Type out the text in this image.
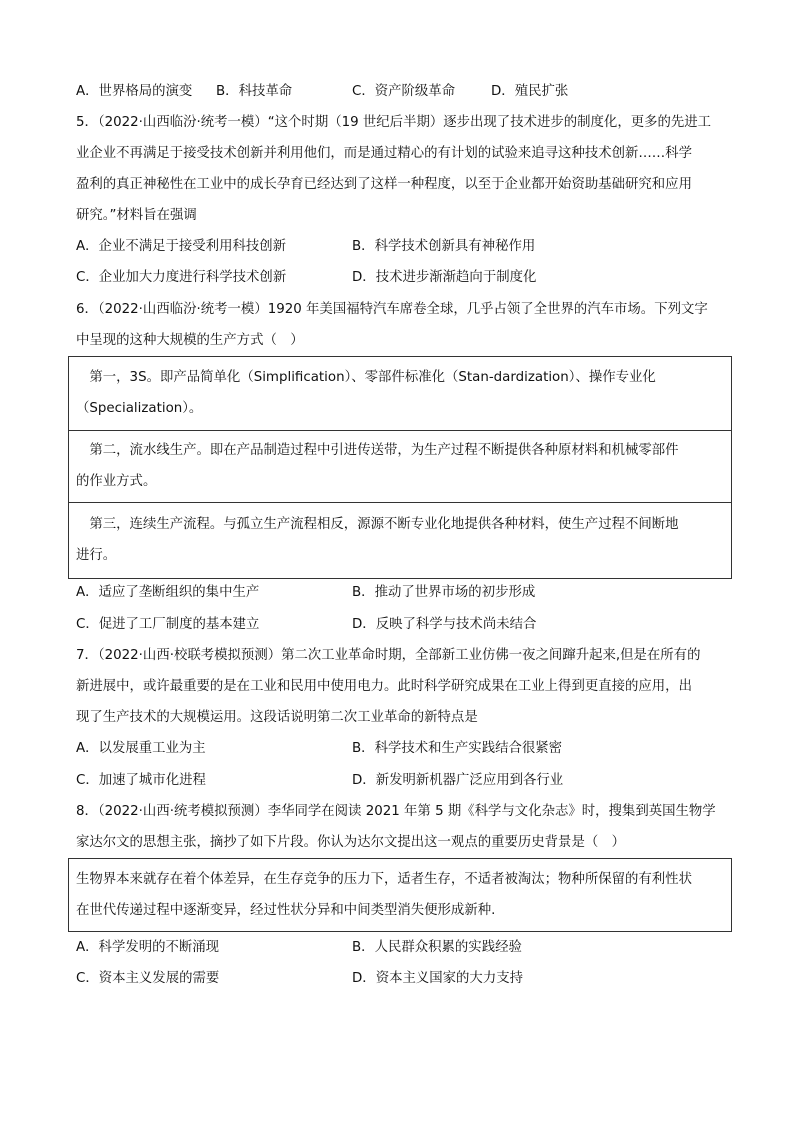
A．世界格局的演变 B．科技革命	C．资产阶级革命	D．殖民扩张
5．（2022·山西临汾·统考一模）“这个时期（19 世纪后半期）逐步出现了技术进步的制度化，更多的先进工
业企业不再满足于接受技术创新并利用他们，而是通过精心的有计划的试验来追寻这种技术创新……科学
盈利的真正神秘性在工业中的成长孕育已经达到了这样一种程度，以至于企业都开始资助基础研究和应用
研究。”材料旨在强调
A．企业不满足于接受利用科技创新	B．科学技术创新具有神秘作用
C．企业加大力度进行科学技术创新	D．技术进步渐渐趋向于制度化
6．（2022·山西临汾·统考一模）1920 年美国福特汽车席卷全球，几乎占领了全世界的汽车市场。下列文字
中呈现的这种大规模的生产方式（　）
　第一，3S。即产品简单化（Simplification）、零部件标准化（Stan-dardization）、操作专业化
（Specialization）。
　第二，流水线生产。即在产品制造过程中引进传送带，为生产过程不断提供各种原材料和机械零部件
的作业方式。
　第三，连续生产流程。与孤立生产流程相反，源源不断专业化地提供各种材料，使生产过程不间断地
进行。
A．适应了垄断组织的集中生产	B．推动了世界市场的初步形成
C．促进了工厂制度的基本建立	D．反映了科学与技术尚未结合
7．（2022·山西·校联考模拟预测）第二次工业革命时期，全部新工业仿佛一夜之间蹿升起来,但是在所有的
新进展中，或许最重要的是在工业和民用中使用电力。此时科学研究成果在工业上得到更直接的应用，出
现了生产技术的大规模运用。这段话说明第二次工业革命的新特点是
A．以发展重工业为主	B．科学技术和生产实践结合很紧密
C．加速了城市化进程	D．新发明新机器广泛应用到各行业
8．（2022·山西·统考模拟预测）李华同学在阅读 2021 年第 5 期《科学与文化杂志》时，搜集到英国生物学
家达尔文的思想主张，摘抄了如下片段。你认为达尔文提出这一观点的重要历史背景是（　）
生物界本来就存在着个体差异，在生存竞争的压力下，适者生存，不适者被淘汰；物种所保留的有利性状
在世代传递过程中逐渐变异，经过性状分异和中间类型消失便形成新种.
A．科学发明的不断涌现	B．人民群众积累的实践经验
C．资本主义发展的需要	D．资本主义国家的大力支持
